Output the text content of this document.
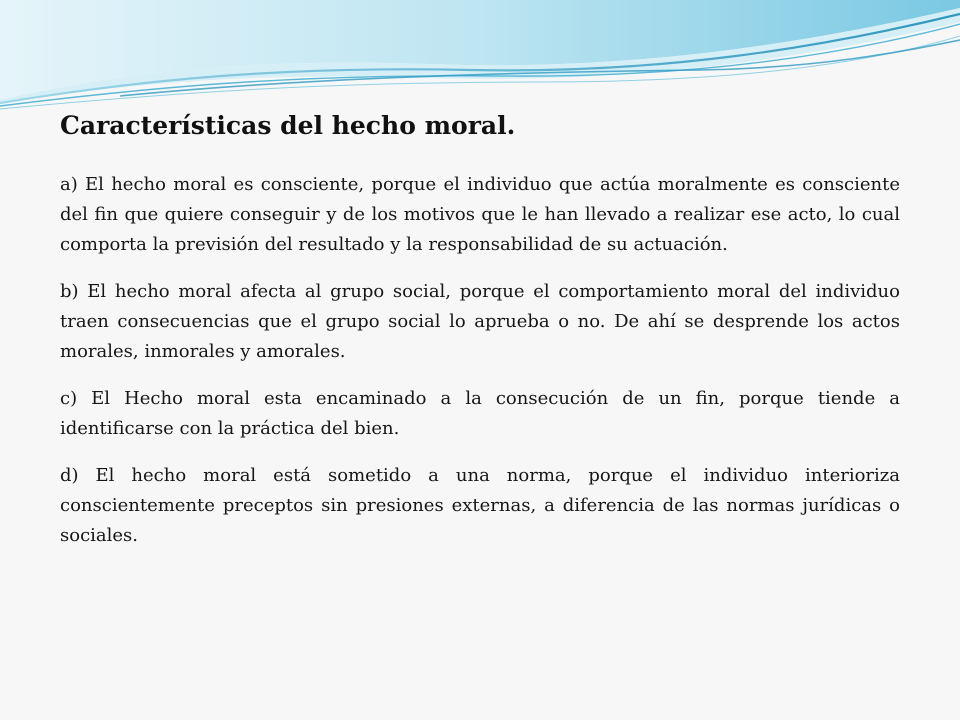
Características del hecho moral.

a) El hecho moral es consciente, porque el individuo que actúa moralmente es consciente del fin que quiere conseguir y de los motivos que le han llevado a realizar ese acto, lo cual comporta la previsión del resultado y la responsabilidad de su actuación.

b) El hecho moral afecta al grupo social, porque el comportamiento moral del individuo traen consecuencias que el grupo social lo aprueba o no. De ahí se desprende los actos morales, inmorales y amorales.

c) El Hecho moral esta encaminado a la consecución de un fin, porque tiende a identificarse con la práctica del bien.

d) El hecho moral está sometido a una norma, porque el individuo interioriza conscientemente preceptos sin presiones externas, a diferencia de las normas jurídicas o sociales.
